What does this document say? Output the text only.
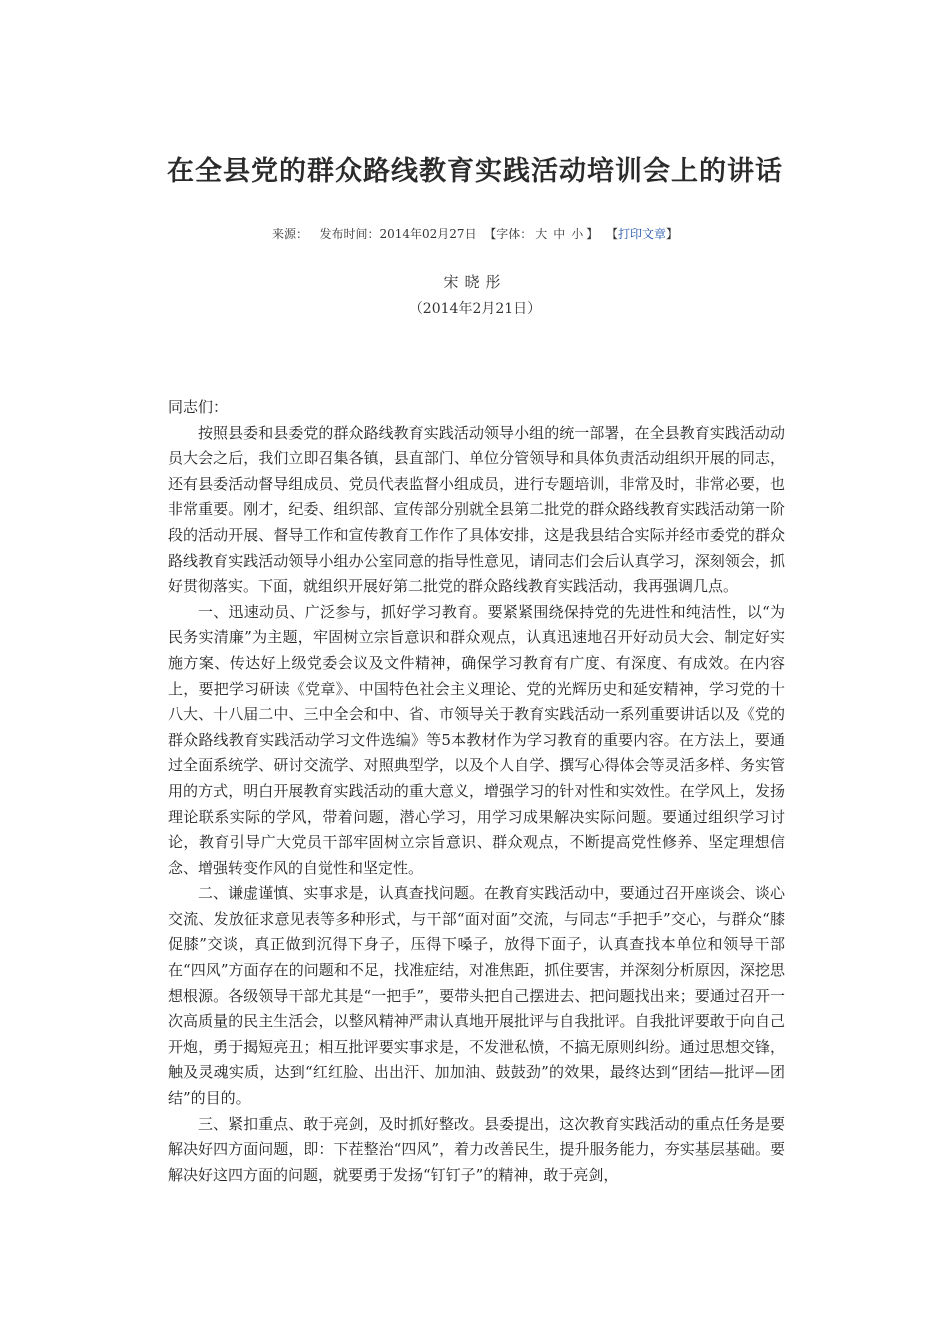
在全县党的群众路线教育实践活动培训会上的讲话
来源： 发布时间：2014年02月27日 【字体： 大 中 小 】 【打印文章】
宋晓彤
（2014年2月21日）

同志们：

按照县委和县委党的群众路线教育实践活动领导小组的统一部署，在全县教育实践活动动员大会之后，我们立即召集各镇，县直部门、单位分管领导和具体负责活动组织开展的同志，还有县委活动督导组成员、党员代表监督小组成员，进行专题培训，非常及时，非常必要，也非常重要。刚才，纪委、组织部、宣传部分别就全县第二批党的群众路线教育实践活动第一阶段的活动开展、督导工作和宣传教育工作作了具体安排，这是我县结合实际并经市委党的群众路线教育实践活动领导小组办公室同意的指导性意见，请同志们会后认真学习，深刻领会，抓好贯彻落实。下面，就组织开展好第二批党的群众路线教育实践活动，我再强调几点。

一、迅速动员、广泛参与，抓好学习教育。要紧紧围绕保持党的先进性和纯洁性，以“为民务实清廉”为主题，牢固树立宗旨意识和群众观点，认真迅速地召开好动员大会、制定好实施方案、传达好上级党委会议及文件精神，确保学习教育有广度、有深度、有成效。在内容上，要把学习研读《党章》、中国特色社会主义理论、党的光辉历史和延安精神，学习党的十八大、十八届二中、三中全会和中、省、市领导关于教育实践活动一系列重要讲话以及《党的群众路线教育实践活动学习文件选编》等5本教材作为学习教育的重要内容。在方法上，要通过全面系统学、研讨交流学、对照典型学，以及个人自学、撰写心得体会等灵活多样、务实管用的方式，明白开展教育实践活动的重大意义，增强学习的针对性和实效性。在学风上，发扬理论联系实际的学风，带着问题，潜心学习，用学习成果解决实际问题。要通过组织学习讨论，教育引导广大党员干部牢固树立宗旨意识、群众观点，不断提高党性修养、坚定理想信念、增强转变作风的自觉性和坚定性。

二、谦虚谨慎、实事求是，认真查找问题。在教育实践活动中，要通过召开座谈会、谈心交流、发放征求意见表等多种形式，与干部“面对面”交流，与同志“手把手”交心，与群众“膝促膝”交谈，真正做到沉得下身子，压得下嗓子，放得下面子，认真查找本单位和领导干部在“四风”方面存在的问题和不足，找准症结，对准焦距，抓住要害，并深刻分析原因，深挖思想根源。各级领导干部尤其是“一把手”，要带头把自己摆进去、把问题找出来；要通过召开一次高质量的民主生活会，以整风精神严肃认真地开展批评与自我批评。自我批评要敢于向自己开炮，勇于揭短亮丑；相互批评要实事求是，不发泄私愤，不搞无原则纠纷。通过思想交锋，触及灵魂实质，达到“红红脸、出出汗、加加油、鼓鼓劲”的效果，最终达到“团结—批评—团结”的目的。

三、紧扣重点、敢于亮剑，及时抓好整改。县委提出，这次教育实践活动的重点任务是要解决好四方面问题，即：下茬整治“四风”，着力改善民生，提升服务能力，夯实基层基础。要解决好这四方面的问题，就要勇于发扬“钉钉子”的精神，敢于亮剑，
